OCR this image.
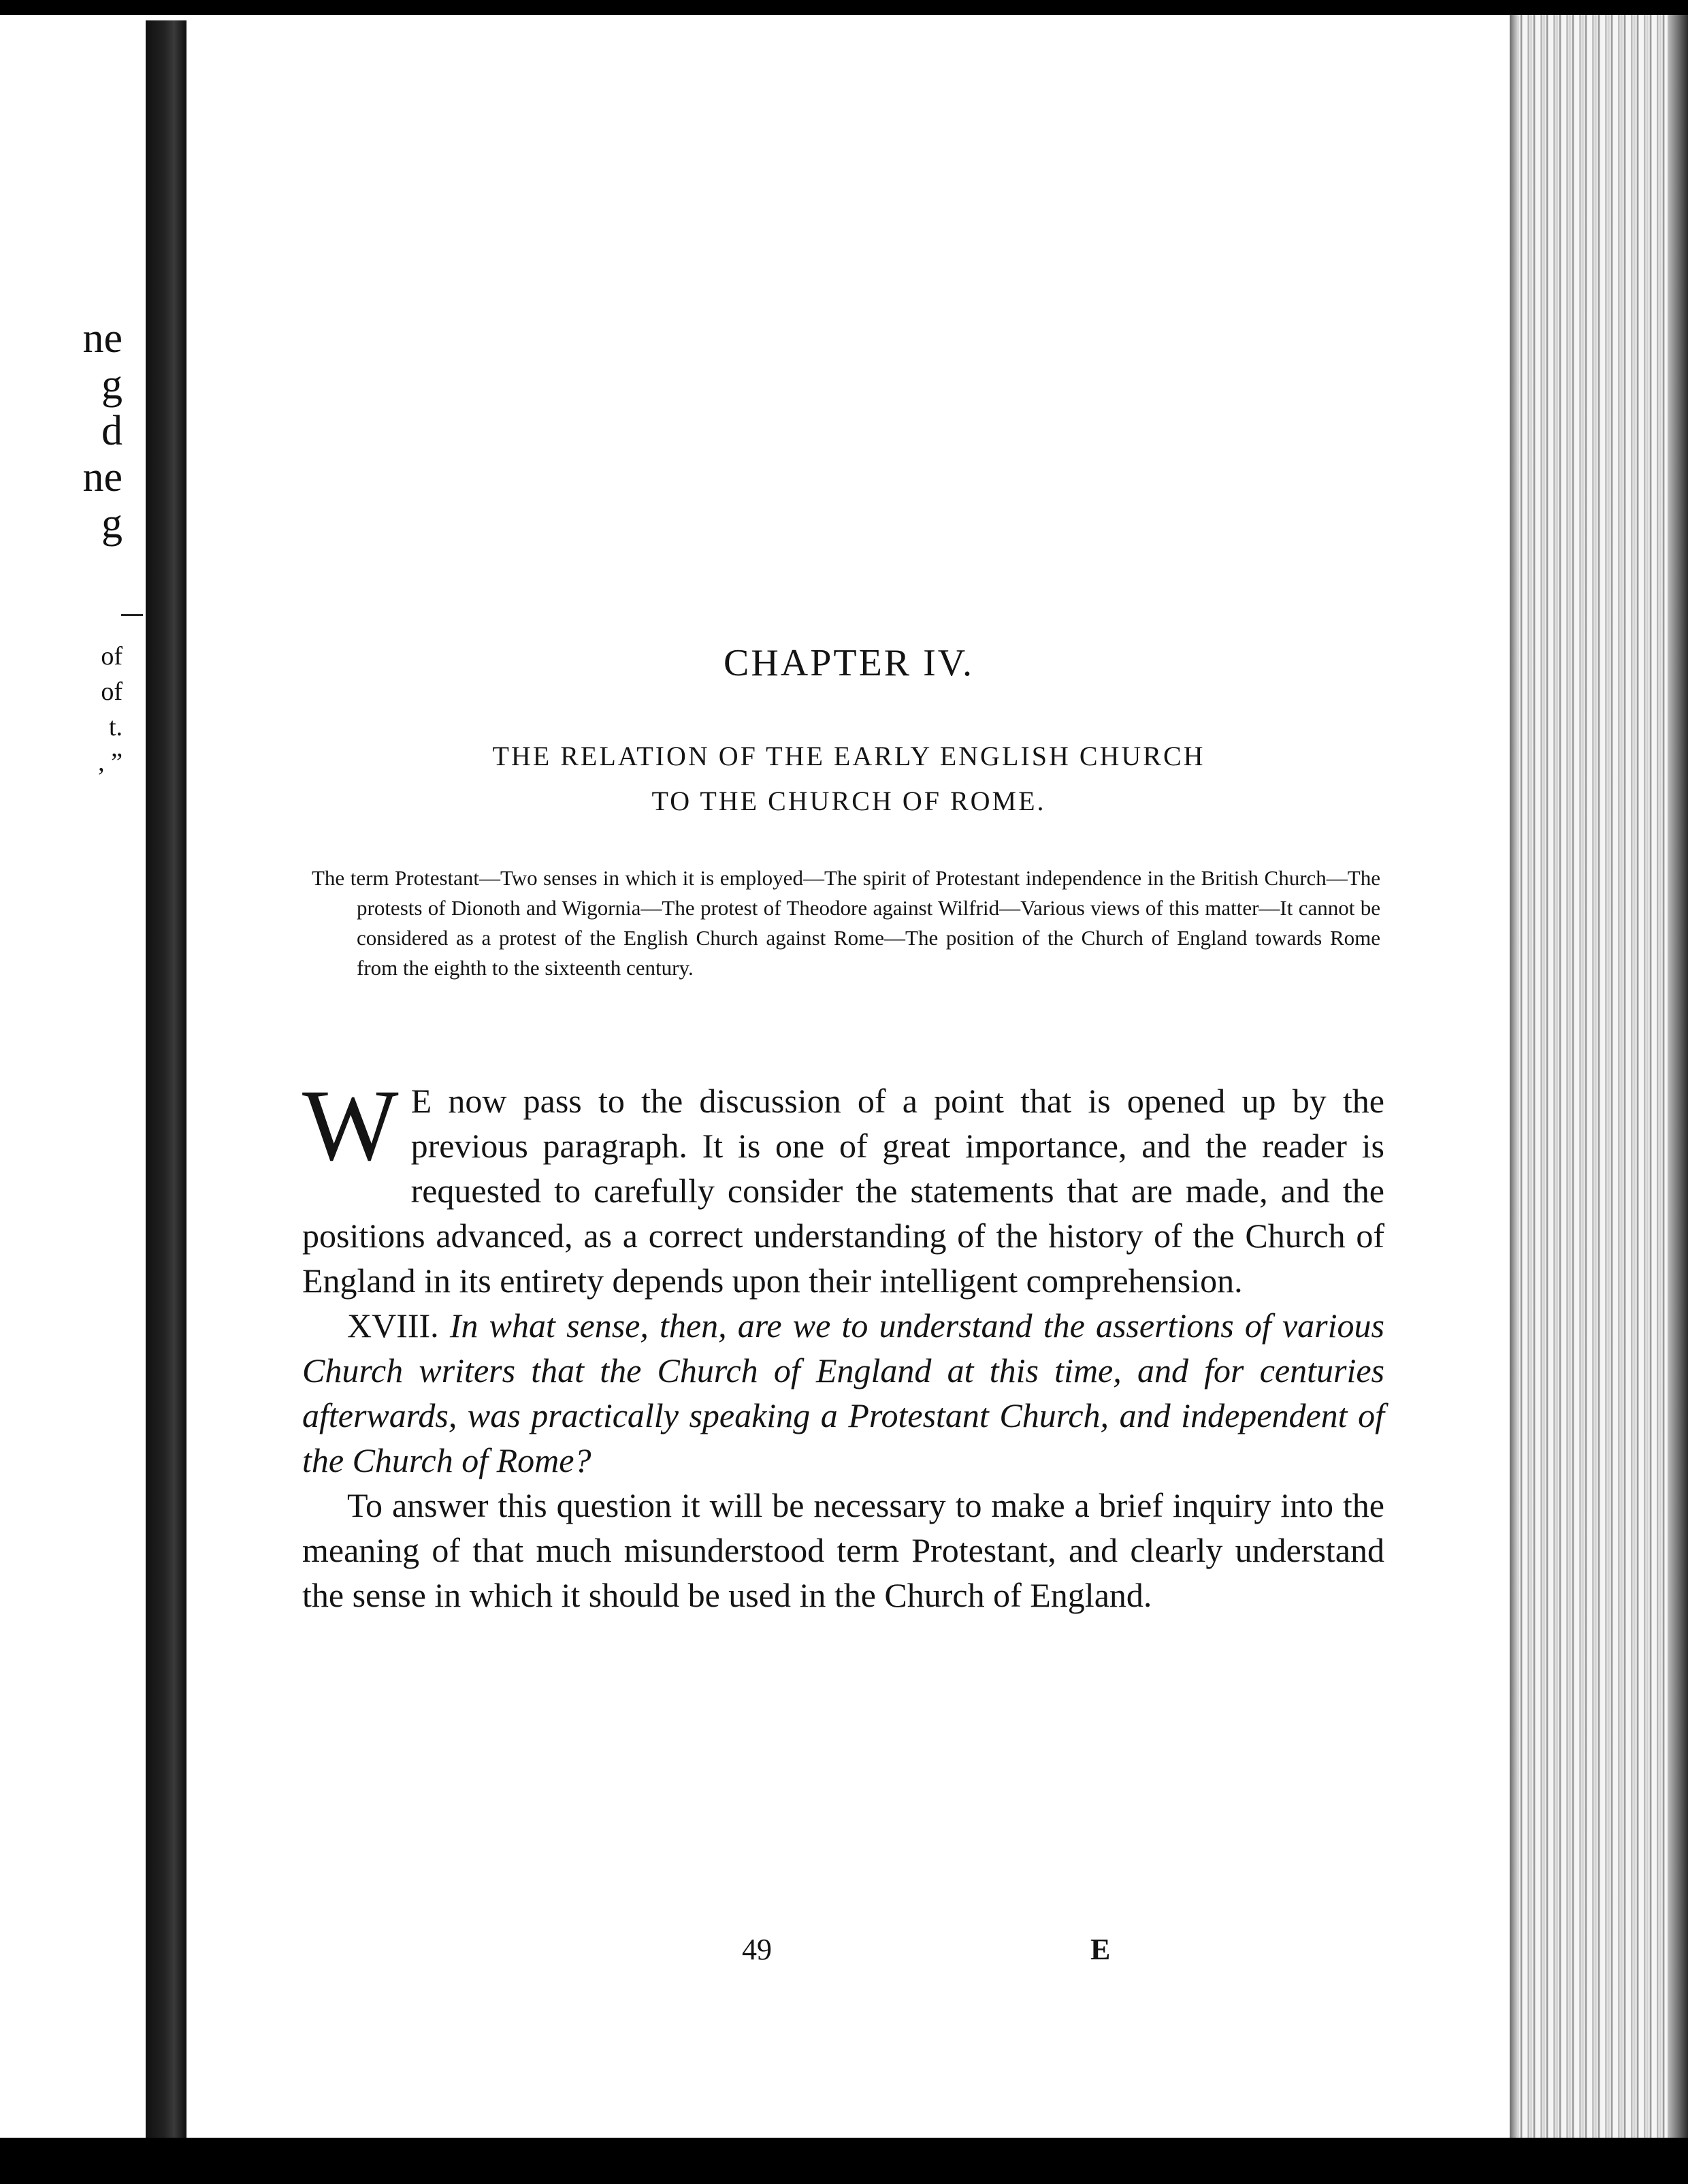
ne
g
d
ne
g
of
of
t.
, ”
CHAPTER IV.
THE RELATION OF THE EARLY ENGLISH CHURCH
TO THE CHURCH OF ROME.
The term Protestant—Two senses in which it is employed—The spirit of Protestant independence in the British Church—The protests of Dionoth and Wigornia—The protest of Theodore against Wilfrid—Various views of this matter—It cannot be considered as a protest of the English Church against Rome—The position of the Church of England towards Rome from the eighth to the sixteenth century.

W E now pass to the discussion of a point that is opened up by the previous paragraph. It is one of great importance, and the reader is requested to carefully consider the statements that are made, and the positions advanced, as a correct understanding of the history of the Church of England in its entirety depends upon their intelligent comprehension.

XVIII. In what sense, then, are we to understand the assertions of various Church writers that the Church of England at this time, and for centuries afterwards, was practically speaking a Protestant Church, and independent of the Church of Rome?

To answer this question it will be necessary to make a brief inquiry into the meaning of that much misunderstood term Protestant, and clearly understand the sense in which it should be used in the Church of England.

49	E
